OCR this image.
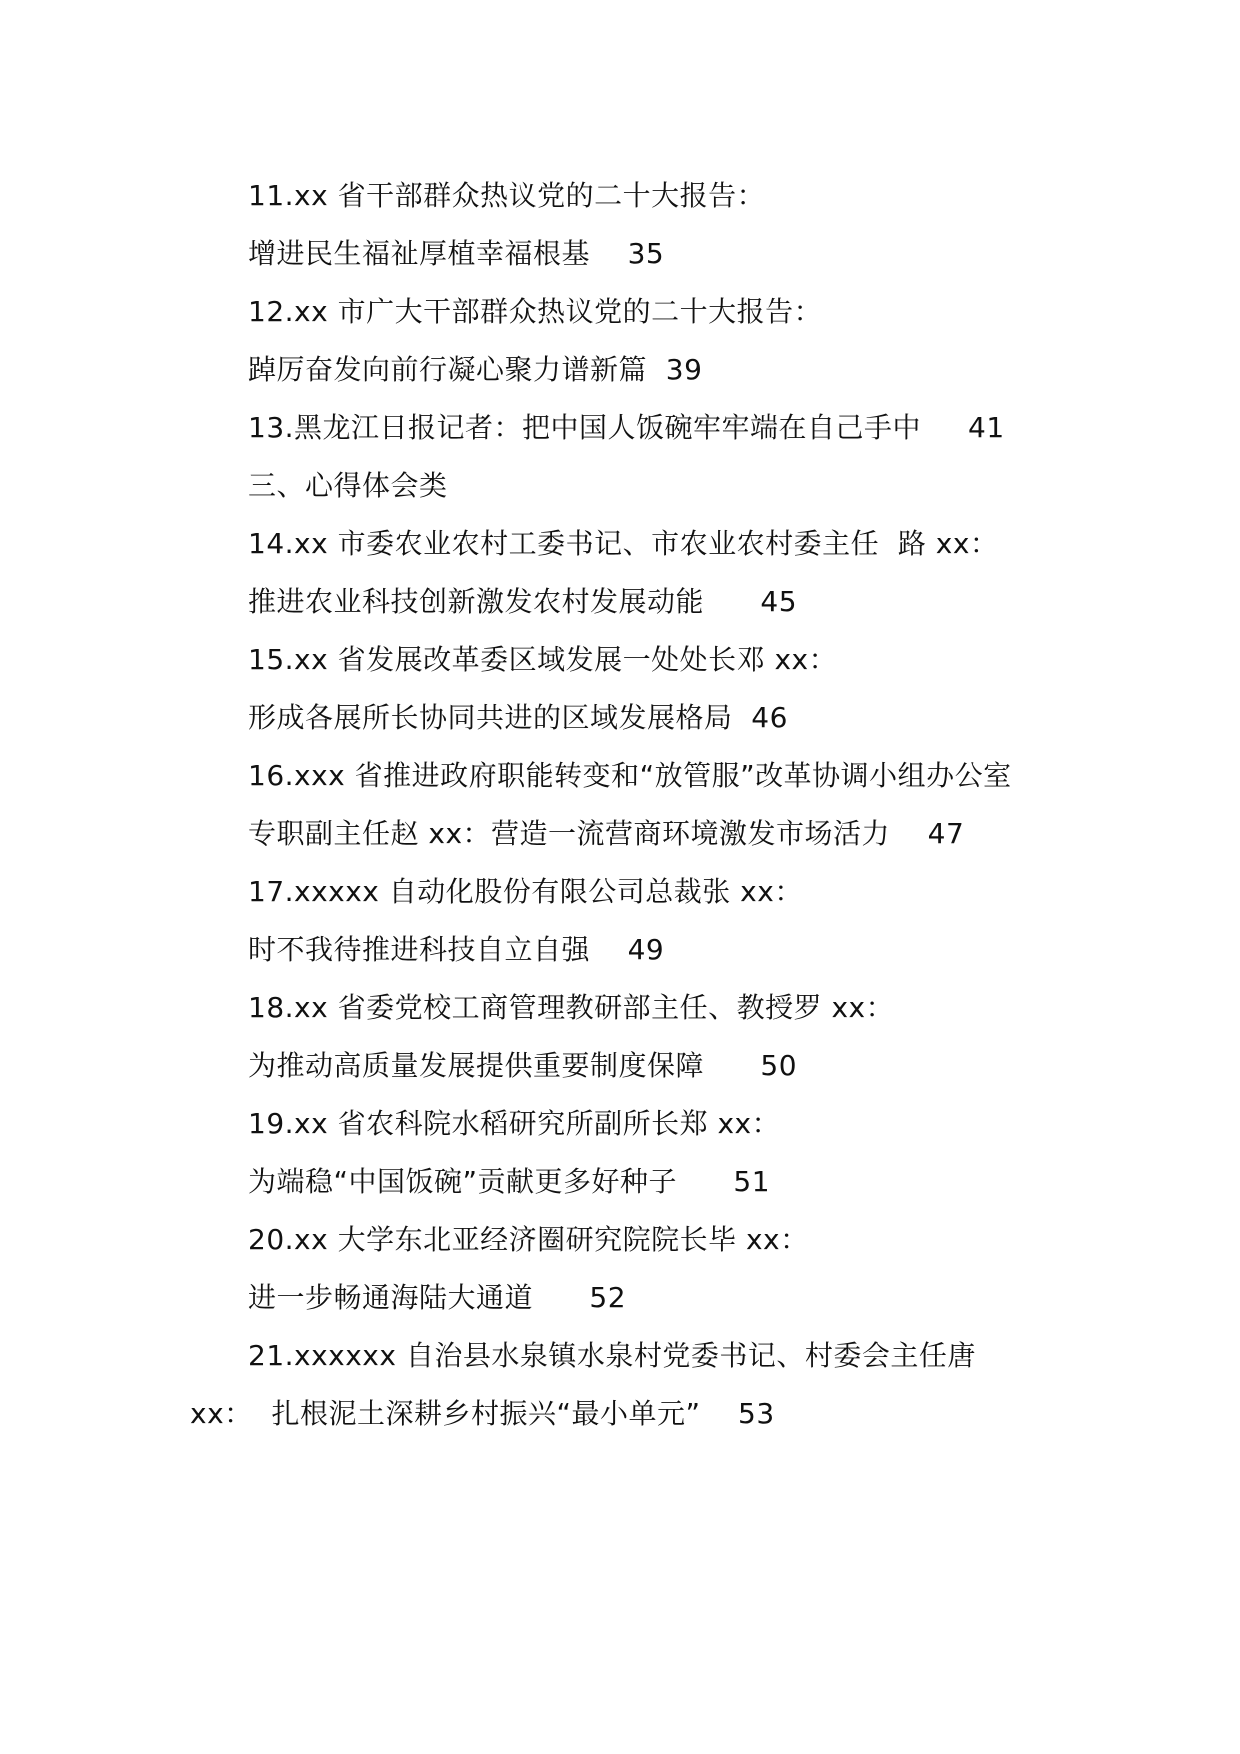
11.xx 省干部群众热议党的二十大报告：
增进民生福祉厚植幸福根基    35
12.xx 市广大干部群众热议党的二十大报告：
踔厉奋发向前行凝心聚力谱新篇  39
13.黑龙江日报记者：把中国人饭碗牢牢端在自己手中     41
三、心得体会类
14.xx 市委农业农村工委书记、市农业农村委主任  路 xx：
推进农业科技创新激发农村发展动能      45
15.xx 省发展改革委区域发展一处处长邓 xx：
形成各展所长协同共进的区域发展格局  46
16.xxx 省推进政府职能转变和“放管服”改革协调小组办公室
专职副主任赵 xx：营造一流营商环境激发市场活力    47
17.xxxxx 自动化股份有限公司总裁张 xx：
时不我待推进科技自立自强    49
18.xx 省委党校工商管理教研部主任、教授罗 xx：
为推动高质量发展提供重要制度保障      50
19.xx 省农科院水稻研究所副所长郑 xx：
为端稳“中国饭碗”贡献更多好种子      51
20.xx 大学东北亚经济圈研究院院长毕 xx：
进一步畅通海陆大通道      52
21.xxxxxx 自治县水泉镇水泉村党委书记、村委会主任唐
xx：  扎根泥土深耕乡村振兴“最小单元”    53
